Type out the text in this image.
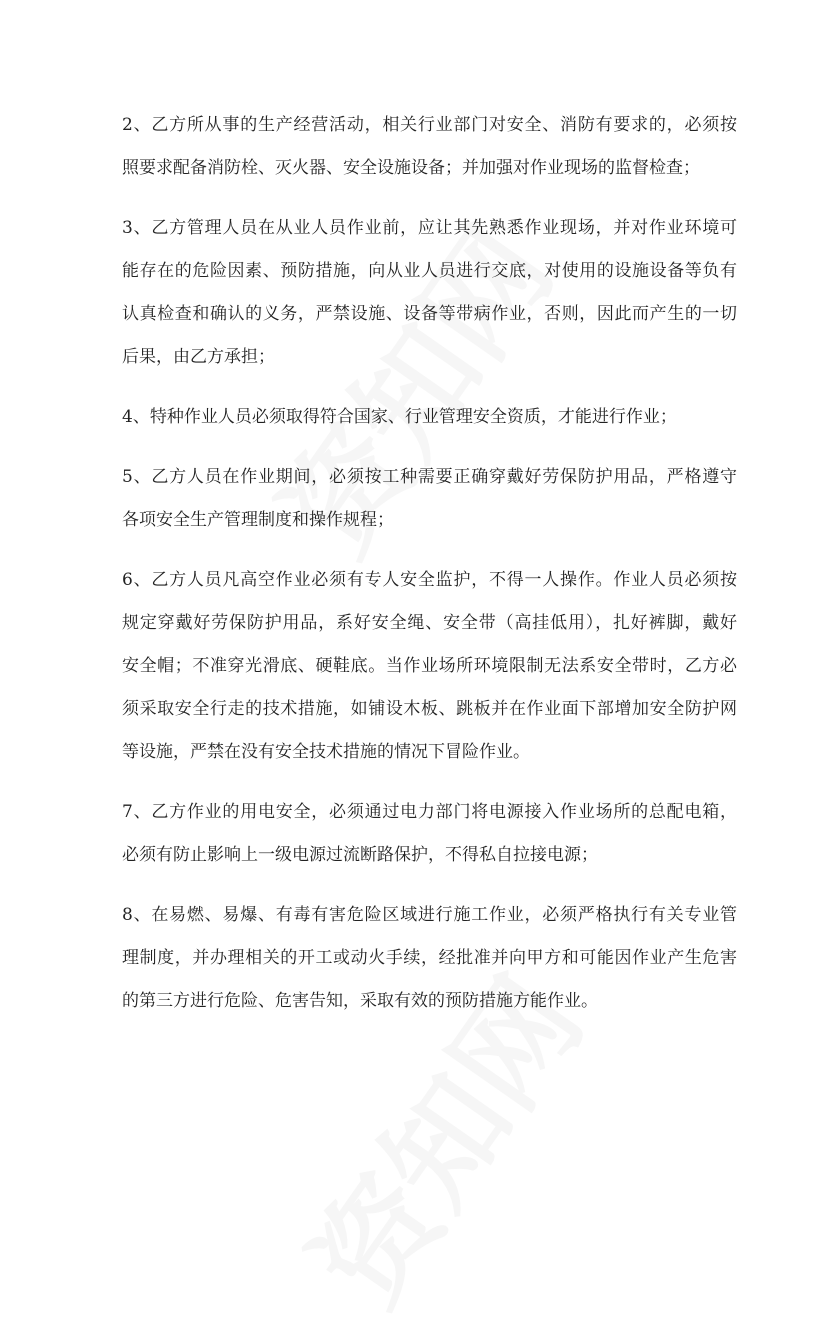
2、乙方所从事的生产经营活动，相关行业部门对安全、消防有要求的，必须按
照要求配备消防栓、灭火器、安全设施设备；并加强对作业现场的监督检查；
3、乙方管理人员在从业人员作业前，应让其先熟悉作业现场，并对作业环境可
能存在的危险因素、预防措施，向从业人员进行交底，对使用的设施设备等负有
认真检查和确认的义务，严禁设施、设备等带病作业，否则，因此而产生的一切
后果，由乙方承担；
4、特种作业人员必须取得符合国家、行业管理安全资质，才能进行作业；
5、乙方人员在作业期间，必须按工种需要正确穿戴好劳保防护用品，严格遵守
各项安全生产管理制度和操作规程；
6、乙方人员凡高空作业必须有专人安全监护，不得一人操作。作业人员必须按
规定穿戴好劳保防护用品，系好安全绳、安全带（高挂低用），扎好裤脚，戴好
安全帽；不准穿光滑底、硬鞋底。当作业场所环境限制无法系安全带时，乙方必
须采取安全行走的技术措施，如铺设木板、跳板并在作业面下部增加安全防护网
等设施，严禁在没有安全技术措施的情况下冒险作业。
7、乙方作业的用电安全，必须通过电力部门将电源接入作业场所的总配电箱，
必须有防止影响上一级电源过流断路保护，不得私自拉接电源；
8、在易燃、易爆、有毒有害危险区域进行施工作业，必须严格执行有关专业管
理制度，并办理相关的开工或动火手续，经批准并向甲方和可能因作业产生危害
的第三方进行危险、危害告知，采取有效的预防措施方能作业。
